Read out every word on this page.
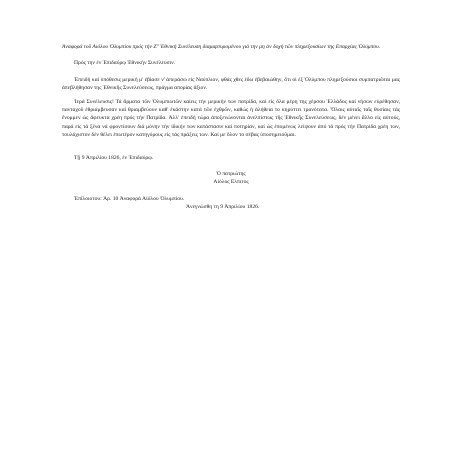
Ἀναφορά τοῦ Αιόλου Ὀλυμπίου πρός τήν Ζ'' Ἐθνική Συνέλευση διαμαρτυρομένου γιά την μη άν δοχή τῶν πληρεξουσίων της Επαρχίας Ὀλύμπου.

Πρός την ἐν Ἐπιδαύρῳ Ἐθνικήν Συνέλευσιν.

Ἐπειδή καί ὑπόθεσις μερική μ' ἐβίασε ν' ἀπεράσω εἰς Ναύπλιον, φθάς χθες ἐδω ἐβεβαιώθην, ὅτι οἱ ἐξ Ὀλύμπου πληρεξούσιοι συμπατριῶται μας ἀπεβλήθησαν της Ἐθνικῆς Συνελεύσεως, πράγμα απορίας ἄξιον.

Ἱερά Συνέλευσις! Τά ἅρματα τῶν Ὀλυμπιωτῶν καίεις τήν μερικήν των πατρίδα, καί εἰς ὅλα μέρη της χέρσου Ἑλλάδος καί νήσων εὑρέθησαν, πανταχοῦ ἐθριάμβευσαν καί θριαμβεύουν καθ' ἑκάστην κατά τῶν ἐχθρῶν, καθώς ἡ ἀλήθεια το κηρύττει τρανότατα. Ὅλαις αὐταῖς ταῖς θυσίαις τάς ἔνομμεν ὡς ἄφευκτα χρέη πρός τήν Πατρίδα. Ἀλλ' ἐπειδή τώρα ἀποξενώνονται ἀνελπίστως τῆς Ἐθνικῆς Συνελεύσεως, δέν μένει ἄλλο εἰς αὐτούς, παρά εἰς τά ξένα νά φροντίσουν διά μόνην τήν ἰδικήν των κατάστασιν καί ποτηρίαν, καί ὡς ἐπομένως λείψουν ἀπό τά πρός τήν Πατρίδα χρέη των, τουλάχιστον δέν θέλει ἐπωτέρον κατηγόρους εἰς τάς πράξεις των. Καί με ὅλον το σέβας ὑποσημειοῦμαι.

Τῇ 9 Ἀπριλίου 1826, ἐν Ἐπιδαύρῳ.

Ὁ πατριώτης
Αἰόλος Ελπιτος
Ἐπίλοιοτου: Ἀρ. 10 Ἀναφορά Αἰόλου Ὀλυμπίου.
Ἀνεγνώσθη τη 9 Ἀπριλίου 1826.
